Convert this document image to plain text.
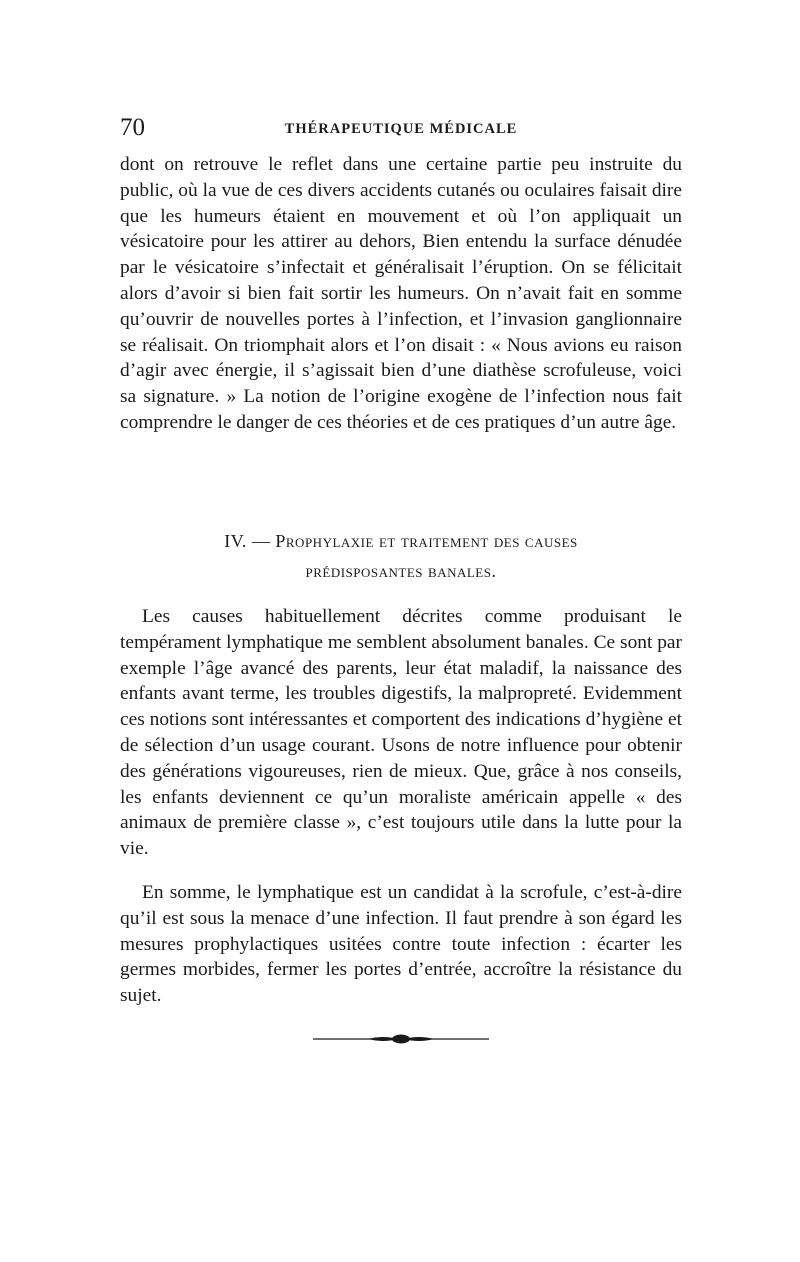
70	THÉRAPEUTIQUE MÉDICALE
dont on retrouve le reflet dans une certaine partie peu instruite du public, où la vue de ces divers accidents cutanés ou oculaires faisait dire que les humeurs étaient en mouvement et où l’on appliquait un vésicatoire pour les attirer au dehors, Bien entendu la surface dénudée par le vésicatoire s’infectait et généralisait l’éruption. On se félicitait alors d’avoir si bien fait sortir les humeurs. On n’avait fait en somme qu’ouvrir de nouvelles portes à l’infection, et l’invasion ganglionnaire se réalisait. On triomphait alors et l’on disait : « Nous avions eu raison d’agir avec énergie, il s’agissait bien d’une diathèse scrofuleuse, voici sa signature. » La notion de l’origine exogène de l’infection nous fait comprendre le danger de ces théories et de ces pratiques d’un autre âge.
IV. — Prophylaxie et traitement des causes
prédisposantes banales.
Les causes habituellement décrites comme produisant le tempérament lymphatique me semblent absolument banales. Ce sont par exemple l’âge avancé des parents, leur état maladif, la naissance des enfants avant terme, les troubles digestifs, la malpropreté. Evidemment ces notions sont intéressantes et comportent des indications d’hygiène et de sélection d’un usage courant. Usons de notre influence pour obtenir des générations vigoureuses, rien de mieux. Que, grâce à nos conseils, les enfants deviennent ce qu’un moraliste américain appelle « des animaux de première classe », c’est toujours utile dans la lutte pour la vie.
En somme, le lymphatique est un candidat à la scrofule, c’est-à-dire qu’il est sous la menace d’une infection. Il faut prendre à son égard les mesures prophylactiques usitées contre toute infection : écarter les germes morbides, fermer les portes d’entrée, accroître la résistance du sujet.
